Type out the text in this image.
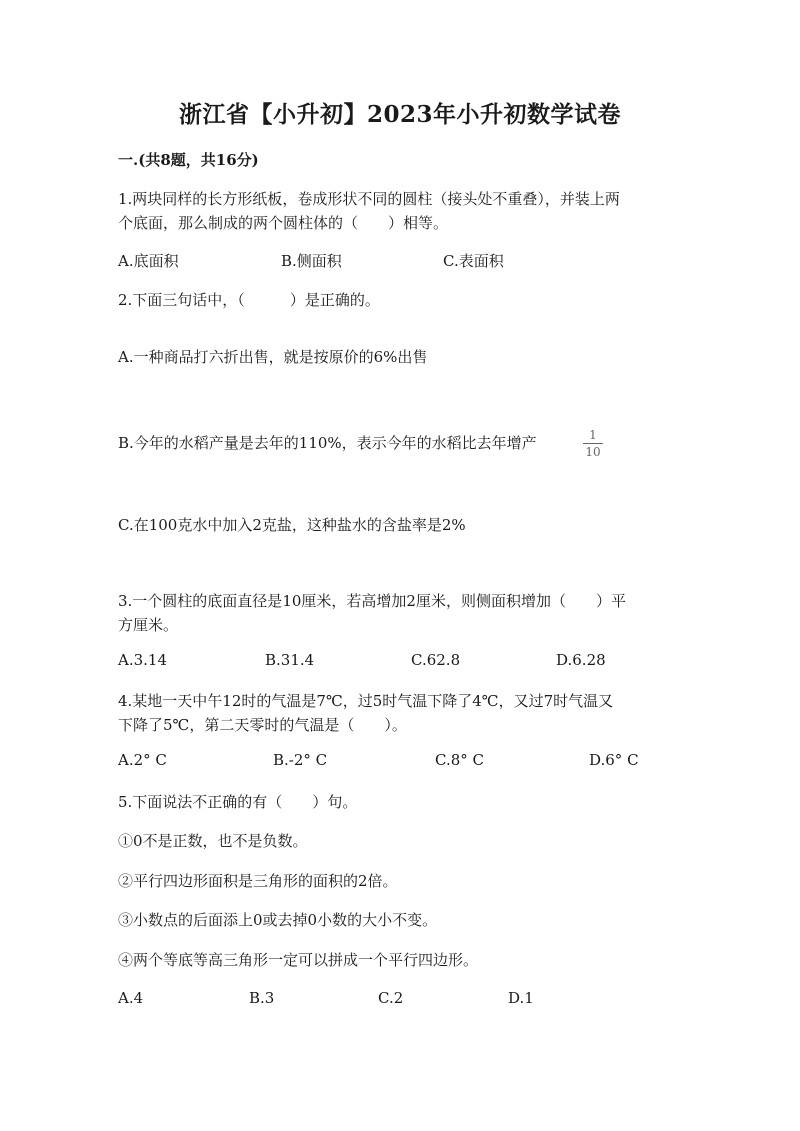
浙江省【小升初】2023年小升初数学试卷
一.(共8题，共16分)
1.两块同样的长方形纸板，卷成形状不同的圆柱（接头处不重叠），并装上两
个底面，那么制成的两个圆柱体的（　　）相等。
A.底面积	B.侧面积	C.表面积
2.下面三句话中，（　　　）是正确的。
A.一种商品打六折出售，就是按原价的6%出售
B.今年的水稻产量是去年的110%，表示今年的水稻比去年增产	1
10
C.在100克水中加入2克盐，这种盐水的含盐率是2%
3.一个圆柱的底面直径是10厘米，若高增加2厘米，则侧面积增加（　　）平
方厘米。
A.3.14	B.31.4	C.62.8	D.6.28
4.某地一天中午12时的气温是7℃，过5时气温下降了4℃，又过7时气温又
下降了5℃，第二天零时的气温是（　　）。
A.2° C	B.-2° C	C.8° C	D.6° C
5.下面说法不正确的有（　　）句。
①0不是正数，也不是负数。
②平行四边形面积是三角形的面积的2倍。
③小数点的后面添上0或去掉0小数的大小不变。
④两个等底等高三角形一定可以拼成一个平行四边形。
A.4	B.3	C.2	D.1
